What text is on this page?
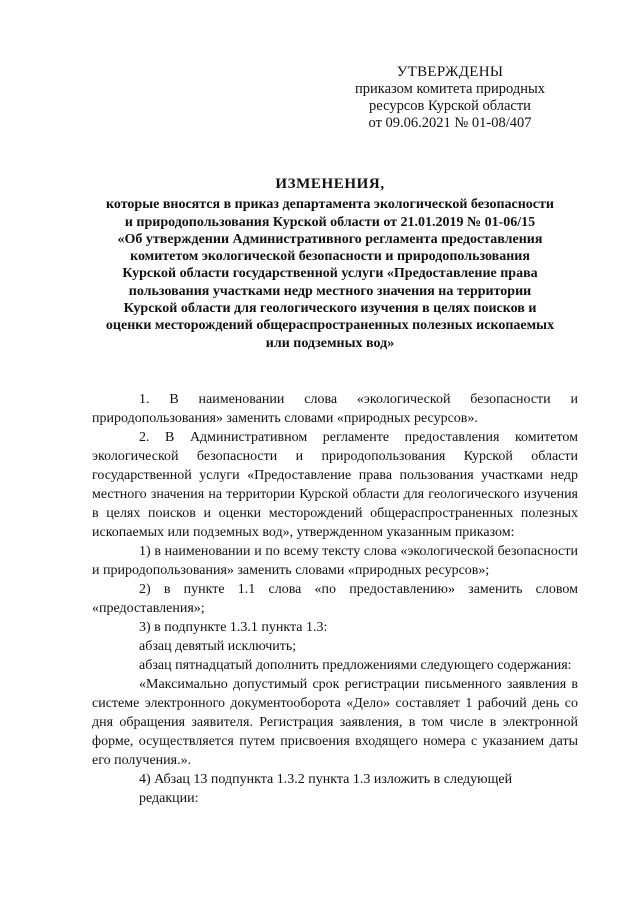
УТВЕРЖДЕНЫ
приказом комитета природных
ресурсов Курской области
от 09.06.2021 № 01-08/407
ИЗМЕНЕНИЯ,
которые вносятся в приказ департамента экологической безопасности
и природопользования Курской области от 21.01.2019 № 01-06/15
«Об утверждении Административного регламента предоставления
комитетом экологической безопасности и природопользования
Курской области государственной услуги «Предоставление права
пользования участками недр местного значения на территории
Курской области для геологического изучения в целях поисков и
оценки месторождений общераспространенных полезных ископаемых
или подземных вод»

1. В наименовании слова «экологической безопасности и природопользования» заменить словами «природных ресурсов».

2. В Административном регламенте предоставления комитетом экологической безопасности и природопользования Курской области государственной услуги «Предоставление права пользования участками недр местного значения на территории Курской области для геологического изучения в целях поисков и оценки месторождений общераспространенных полезных ископаемых или подземных вод», утвержденном указанным приказом:

1) в наименовании и по всему тексту слова «экологической безопасности и природопользования» заменить словами «природных ресурсов»;

2) в пункте 1.1 слова «по предоставлению» заменить словом «предоставления»;

3) в подпункте 1.3.1 пункта 1.3:

абзац девятый исключить;

абзац пятнадцатый дополнить предложениями следующего содержания:

«Максимально допустимый срок регистрации письменного заявления в системе электронного документооборота «Дело» составляет 1 рабочий день со дня обращения заявителя. Регистрация заявления, в том числе в электронной форме, осуществляется путем присвоения входящего номера с указанием даты его получения.».

4) Абзац 13 подпункта 1.3.2 пункта 1.3 изложить в следующей

редакции:
